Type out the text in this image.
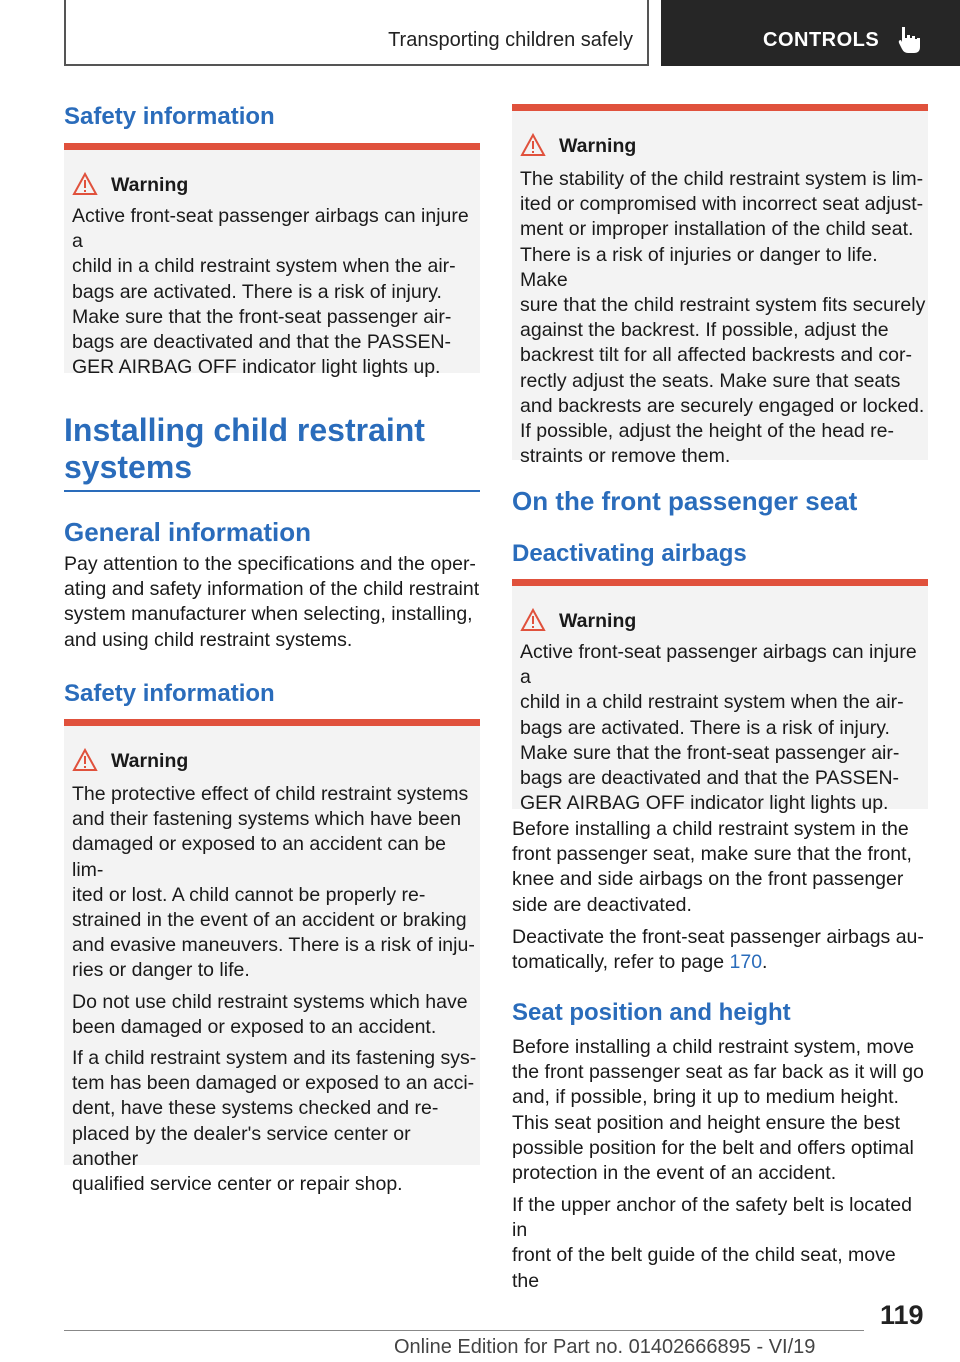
Transporting children safely	CONTROLS
Safety information
Warning
Active front-seat passenger airbags can injure a
child in a child restraint system when the air-
bags are activated. There is a risk of injury.
Make sure that the front-seat passenger air-
bags are deactivated and that the PASSEN-
GER AIRBAG OFF indicator light lights up.
Installing child restraint
systems
General information
Pay attention to the specifications and the oper-
ating and safety information of the child restraint
system manufacturer when selecting, installing,
and using child restraint systems.
Safety information
Warning
The protective effect of child restraint systems
and their fastening systems which have been
damaged or exposed to an accident can be lim-
ited or lost. A child cannot be properly re-
strained in the event of an accident or braking
and evasive maneuvers. There is a risk of inju-
ries or danger to life.
Do not use child restraint systems which have
been damaged or exposed to an accident.
If a child restraint system and its fastening sys-
tem has been damaged or exposed to an acci-
dent, have these systems checked and re-
placed by the dealer's service center or another
qualified service center or repair shop.
Warning
The stability of the child restraint system is lim-
ited or compromised with incorrect seat adjust-
ment or improper installation of the child seat.
There is a risk of injuries or danger to life. Make
sure that the child restraint system fits securely
against the backrest. If possible, adjust the
backrest tilt for all affected backrests and cor-
rectly adjust the seats. Make sure that seats
and backrests are securely engaged or locked.
If possible, adjust the height of the head re-
straints or remove them.
On the front passenger seat
Deactivating airbags
Warning
Active front-seat passenger airbags can injure a
child in a child restraint system when the air-
bags are activated. There is a risk of injury.
Make sure that the front-seat passenger air-
bags are deactivated and that the PASSEN-
GER AIRBAG OFF indicator light lights up.
Before installing a child restraint system in the
front passenger seat, make sure that the front,
knee and side airbags on the front passenger
side are deactivated.
Deactivate the front-seat passenger airbags au-
tomatically, refer to page 170.
Seat position and height
Before installing a child restraint system, move
the front passenger seat as far back as it will go
and, if possible, bring it up to medium height.
This seat position and height ensure the best
possible position for the belt and offers optimal
protection in the event of an accident.
If the upper anchor of the safety belt is located in
front of the belt guide of the child seat, move the
119
Online Edition for Part no. 01402666895 - VI/19
